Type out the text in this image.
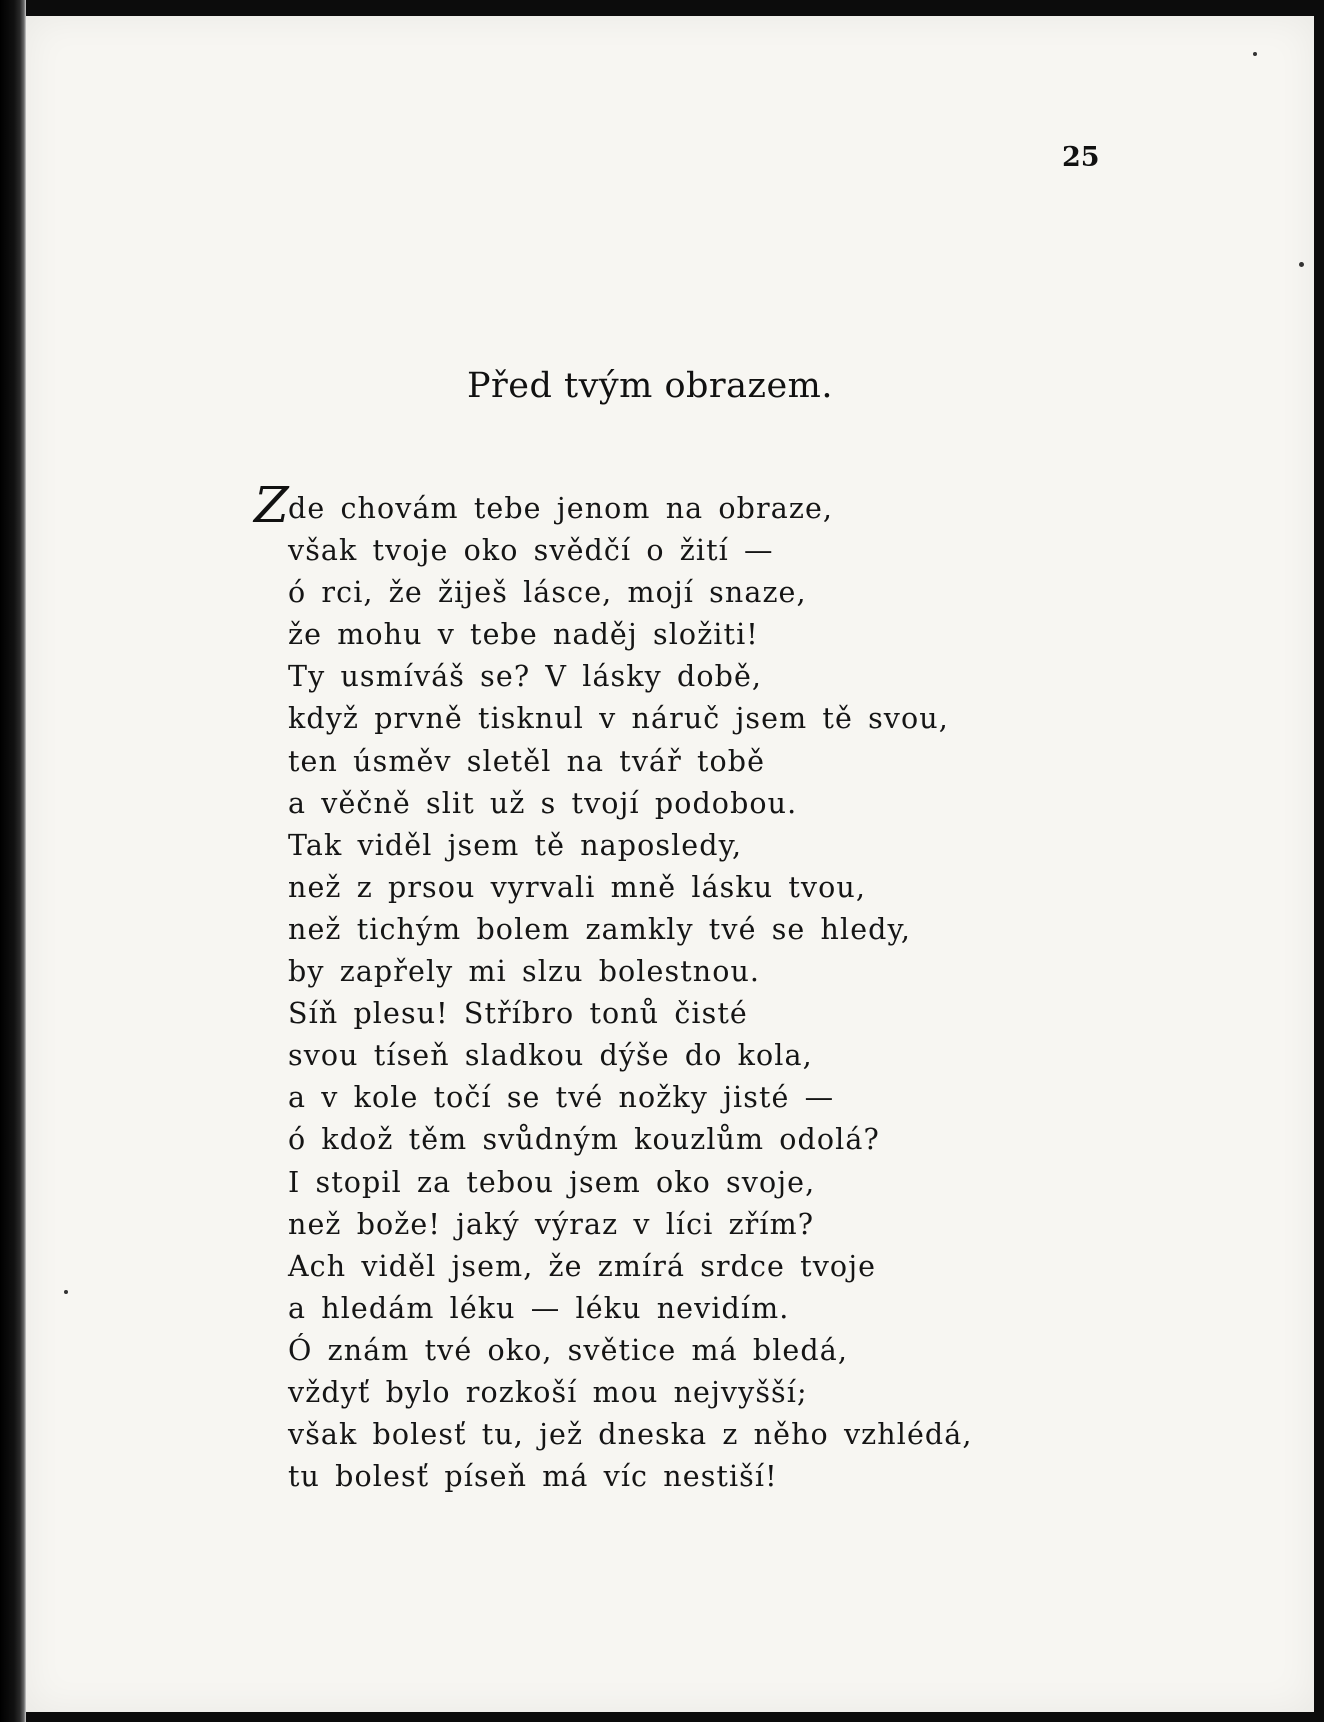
25
Před tvým obrazem.
Z de chovám tebe jenom na obraze,
však tvoje oko svědčí o žití —
ó rci, že žiješ lásce, mojí snaze,
že mohu v tebe naděj složiti!
Ty usmíváš se? V lásky době,
když prvně tisknul v náruč jsem tě svou,
ten úsměv sletěl na tvář tobě
a věčně slit už s tvojí podobou.
Tak viděl jsem tě naposledy,
než z prsou vyrvali mně lásku tvou,
než tichým bolem zamkly tvé se hledy,
by zapřely mi slzu bolestnou.
Síň plesu! Stříbro tonů čisté
svou tíseň sladkou dýše do kola,
a v kole točí se tvé nožky jisté —
ó kdož těm svůdným kouzlům odolá?
I stopil za tebou jsem oko svoje,
než bože! jaký výraz v líci zřím?
Ach viděl jsem, že zmírá srdce tvoje
a hledám léku — léku nevidím.
Ó znám tvé oko, světice má bledá,
vždyť bylo rozkoší mou nejvyšší;
však bolesť tu, jež dneska z něho vzhlédá,
tu bolesť píseň má víc nestiší!
